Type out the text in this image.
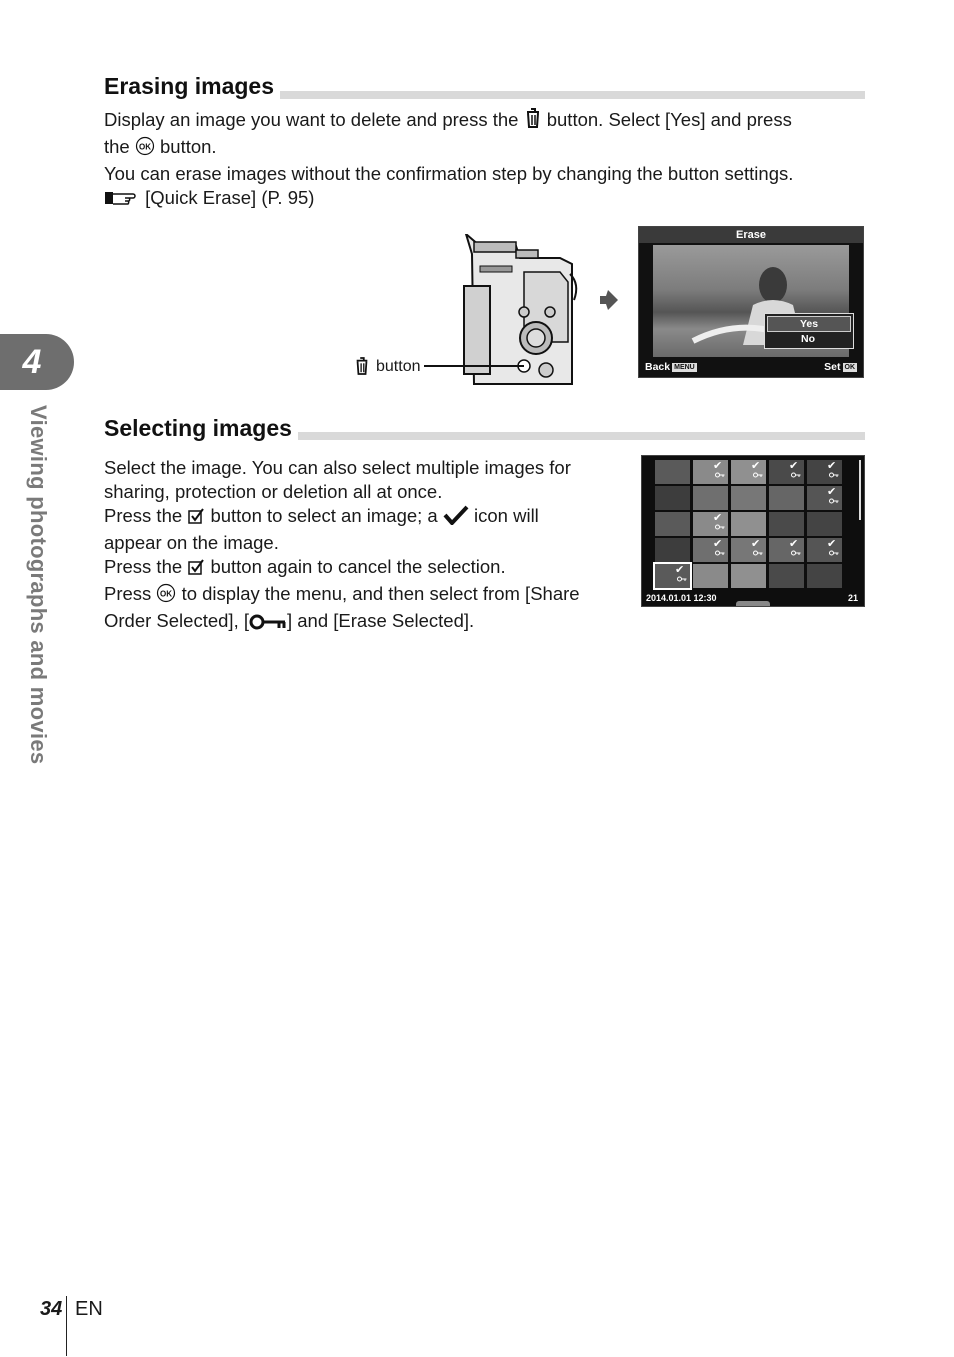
4
Viewing photographs and movies
Erasing images
Display an image you want to delete and press the button. Select [Yes] and press
the OK button.
You can erase images without the confirmation step by changing the button settings.
[Quick Erase] (P. 95)
button
Erase
Yes
No
Back MENU	Set OK
Selecting images
Select the image. You can also select multiple images for
sharing, protection or deletion all at once.
Press the button to select an image; a icon will
appear on the image.
Press the button again to cancel the selection.
Press OK to display the menu, and then select from [Share
Order Selected], [ ] and [Erase Selected].
✔	✔	✔	✔
✔
✔
✔	✔	✔	✔
✔
2014.01.01 12:30	21
34 EN
